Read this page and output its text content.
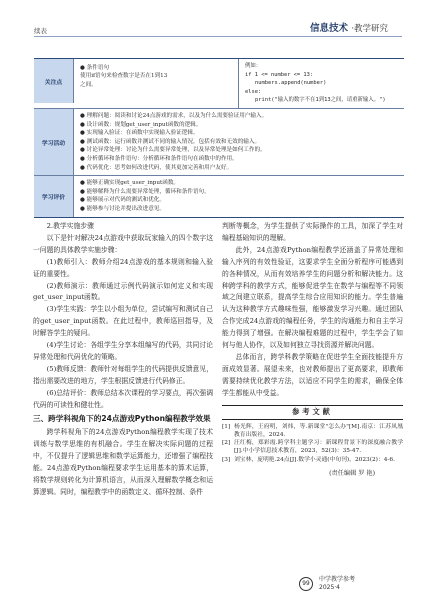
续表	信息技术 ·教学研究
关注点

● 条件语句

使用if语句来检查数字是否在1到13

之间。

例如：

if 1 <= number <= 13:

numbers.append(number)

else:

print("输入的数字不在1到13之间，请重新输入。")

学习活动

● 理解问题：阅读和讨论24点游戏的需求，以及为什么需要验证用户输入。

● 设计函数：规划get_user_input函数的逻辑。

● 实现输入验证：在函数中实现输入验证逻辑。

● 测试函数：运行函数并测试不同的输入情况，包括有效和无效的输入。

● 讨论异常处理：讨论为什么需要异常处理，以及异常处理是如何工作的。

● 分析循环和条件语句：分析循环和条件语句在函数中的作用。

● 代码优化：思考如何改进代码，使其更加完善和用户友好。

学习评价

● 能够正确实现get_user_input函数。

● 能够解释为什么需要异常处理，循环和条件语句。

● 能够展示对代码的测试和优化。

● 能够参与讨论并提出改进意见。

2.教学实施步骤

以下是针对解决24点游戏中获取玩家输入的四个数字这一问题的具体教学实施步骤：

(1)教师引入：教师介绍24点游戏的基本规则和输入验证的重要性。

(2)教师演示：教师通过示例代码演示如何定义和实现get_user_input函数。

(3)学生实践：学生以小组为单位，尝试编写和测试自己的get_user_input函数。在此过程中，教师巡回指导，及时解答学生的疑问。

(4)学生讨论：各组学生分享本组编写的代码，共同讨论异常处理和代码优化的策略。

(5)教师反馈：教师针对每组学生的代码提供反馈意见，指出需要改进的地方，学生根据反馈进行代码修正。

(6)总结评价：教师总结本次课程的学习要点，再次强调代码的可读性和健壮性。

三、跨学科视角下的24点游戏Python编程教学效果

跨学科视角下的24点游戏Python编程教学实现了技术训练与数学思维的有机融合。学生在解决实际问题的过程中，不仅提升了逻辑思维和数学运算能力，还增强了编程技能。24点游戏Python编程要求学生运用基本的算术运算，将数学规则转化为计算机语言，从而深入理解数学概念和运算逻辑。同时，编程教学中的函数定义、循环控制、条件

判断等概念，为学生提供了实际操作的工具，加深了学生对编程基础知识的理解。

此外，24点游戏Python编程教学还涵盖了异常处理和输入序列的有效性验证，这要求学生全面分析程序可能遇到的各种情况，从而有效培养学生的问题分析和解决能力。这种跨学科的教学方式，能够促进学生在数学与编程等不同领域之间建立联系，提高学生综合应用知识的能力。学生普遍认为这种教学方式趣味性强，能够激发学习兴趣。通过团队合作完成24点游戏的编程任务，学生的沟通能力和自主学习能力得到了增强。在解决编程难题的过程中，学生学会了如何与他人协作，以及如何独立寻找资源并解决问题。

总体而言，跨学科教学策略在促进学生全面技能提升方面成效显著。展望未来，也对教师提出了更高要求，即教师需要持续优化教学方法，以适应不同学生的需求，确保全体学生都能从中受益。

参考文献
[1] 杨光辉，王府明，刘炜，等.新课堂"怎么办"[M].南京：江苏凤凰教育出版社，2024.
[2] 汪红梅，郑彩霞.跨学科主题学习：新课程背景下的深度融合教学[J].中小学信息技术教育，2023，52(3)：35-47.
[3] 刘宝林，庞明艳.24点[J].数学小灵通(中旬刊)，2023(2)：4-6.
(责任编辑 罗 艳)
99
中学教学参考
2025·4
